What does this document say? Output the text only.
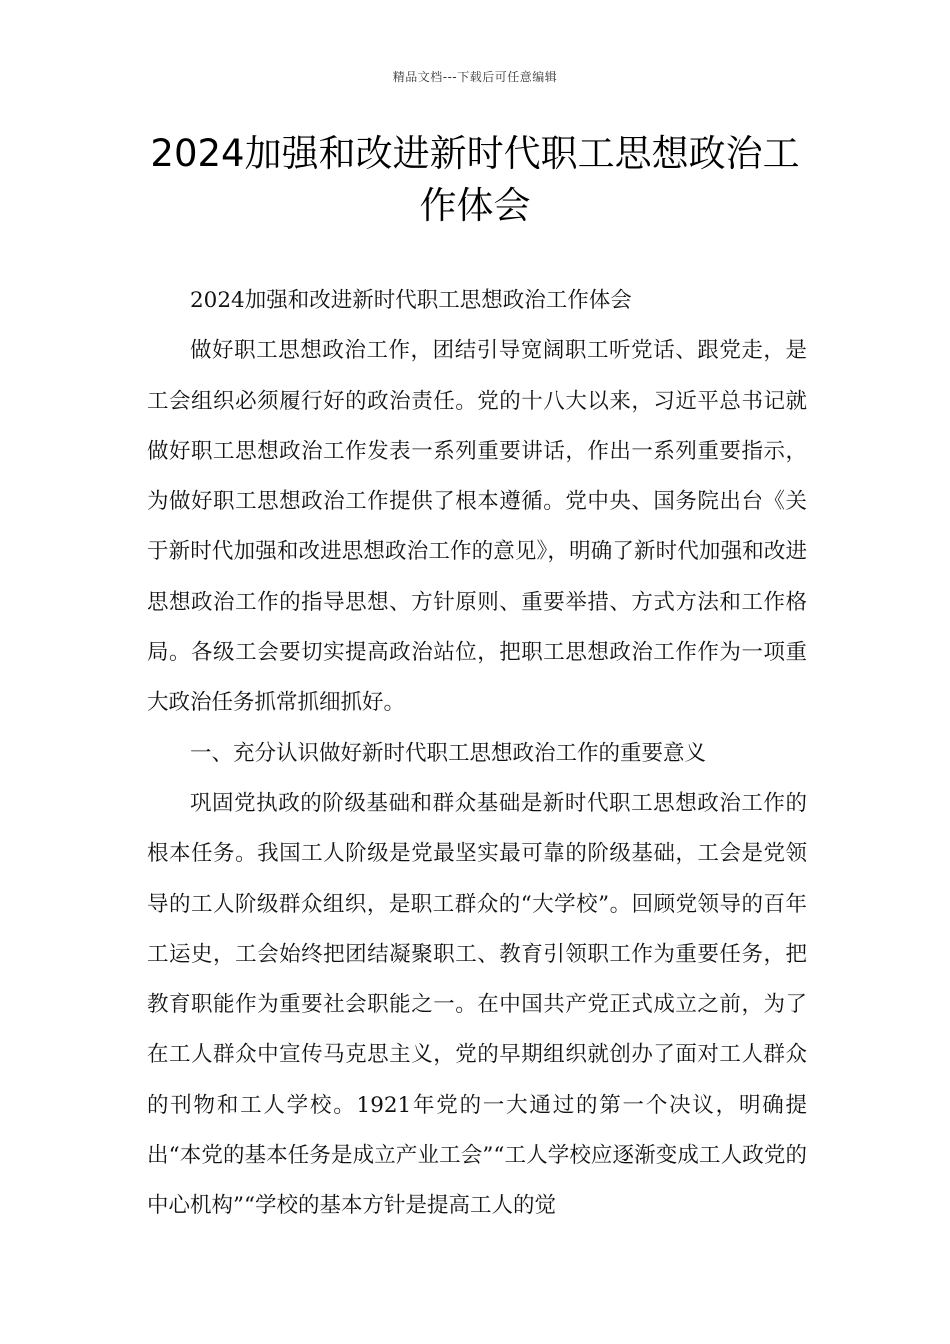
精品文档---下载后可任意编辑
2024加强和改进新时代职工思想政治工作体会

2024加强和改进新时代职工思想政治工作体会

做好职工思想政治工作，团结引导宽阔职工听党话、跟党走，是工会组织必须履行好的政治责任。党的十八大以来，习近平总书记就做好职工思想政治工作发表一系列重要讲话，作出一系列重要指示，为做好职工思想政治工作提供了根本遵循。党中央、国务院出台《关于新时代加强和改进思想政治工作的意见》，明确了新时代加强和改进思想政治工作的指导思想、方针原则、重要举措、方式方法和工作格局。各级工会要切实提高政治站位，把职工思想政治工作作为一项重大政治任务抓常抓细抓好。

一、充分认识做好新时代职工思想政治工作的重要意义

巩固党执政的阶级基础和群众基础是新时代职工思想政治工作的根本任务。我国工人阶级是党最坚实最可靠的阶级基础，工会是党领导的工人阶级群众组织，是职工群众的“大学校”。回顾党领导的百年工运史，工会始终把团结凝聚职工、教育引领职工作为重要任务，把教育职能作为重要社会职能之一。在中国共产党正式成立之前，为了在工人群众中宣传马克思主义，党的早期组织就创办了面对工人群众的刊物和工人学校。1921年党的一大通过的第一个决议，明确提出“本党的基本任务是成立产业工会”“工人学校应逐渐变成工人政党的中心机构”“学校的基本方针是提高工人的觉
